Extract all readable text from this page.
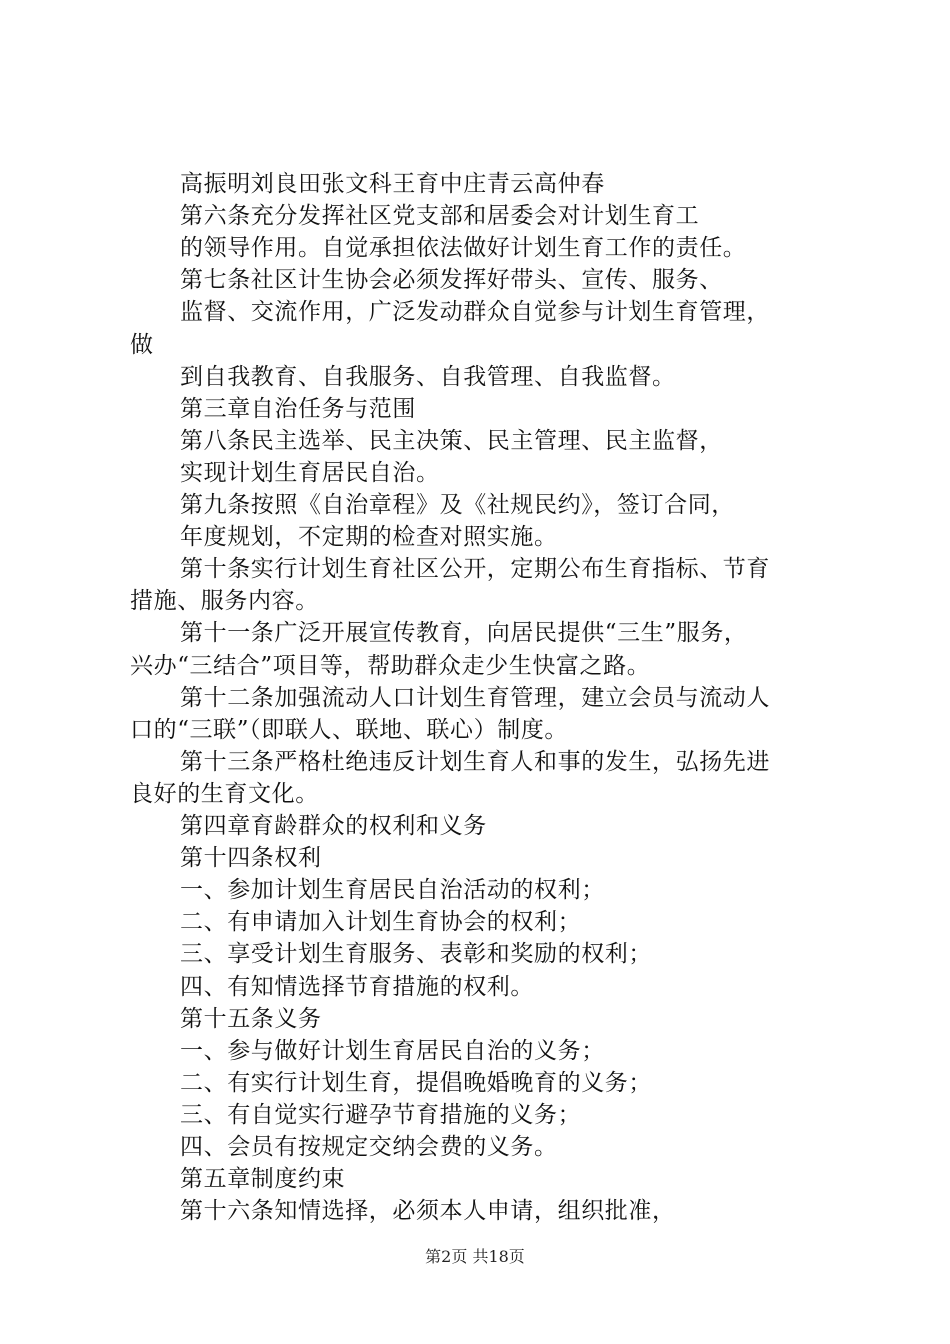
高振明刘良田张文科王育中庄青云高仲春
第六条充分发挥社区党支部和居委会对计划生育工
的领导作用。自觉承担依法做好计划生育工作的责任。
第七条社区计生协会必须发挥好带头、宣传、服务、
监督、交流作用，广泛发动群众自觉参与计划生育管理，
做
到自我教育、自我服务、自我管理、自我监督。
第三章自治任务与范围
第八条民主选举、民主决策、民主管理、民主监督，
实现计划生育居民自治。
第九条按照《自治章程》及《社规民约》，签订合同，
年度规划，不定期的检查对照实施。
第十条实行计划生育社区公开，定期公布生育指标、节育
措施、服务内容。
第十一条广泛开展宣传教育，向居民提供“三生”服务，
兴办“三结合”项目等，帮助群众走少生快富之路。
第十二条加强流动人口计划生育管理，建立会员与流动人
口的“三联”（即联人、联地、联心）制度。
第十三条严格杜绝违反计划生育人和事的发生，弘扬先进
良好的生育文化。
第四章育龄群众的权利和义务
第十四条权利
一、参加计划生育居民自治活动的权利；
二、有申请加入计划生育协会的权利；
三、享受计划生育服务、表彰和奖励的权利；
四、有知情选择节育措施的权利。
第十五条义务
一、参与做好计划生育居民自治的义务；
二、有实行计划生育，提倡晚婚晚育的义务；
三、有自觉实行避孕节育措施的义务；
四、会员有按规定交纳会费的义务。
第五章制度约束
第十六条知情选择，必须本人申请，组织批准，
第2页 共18页
